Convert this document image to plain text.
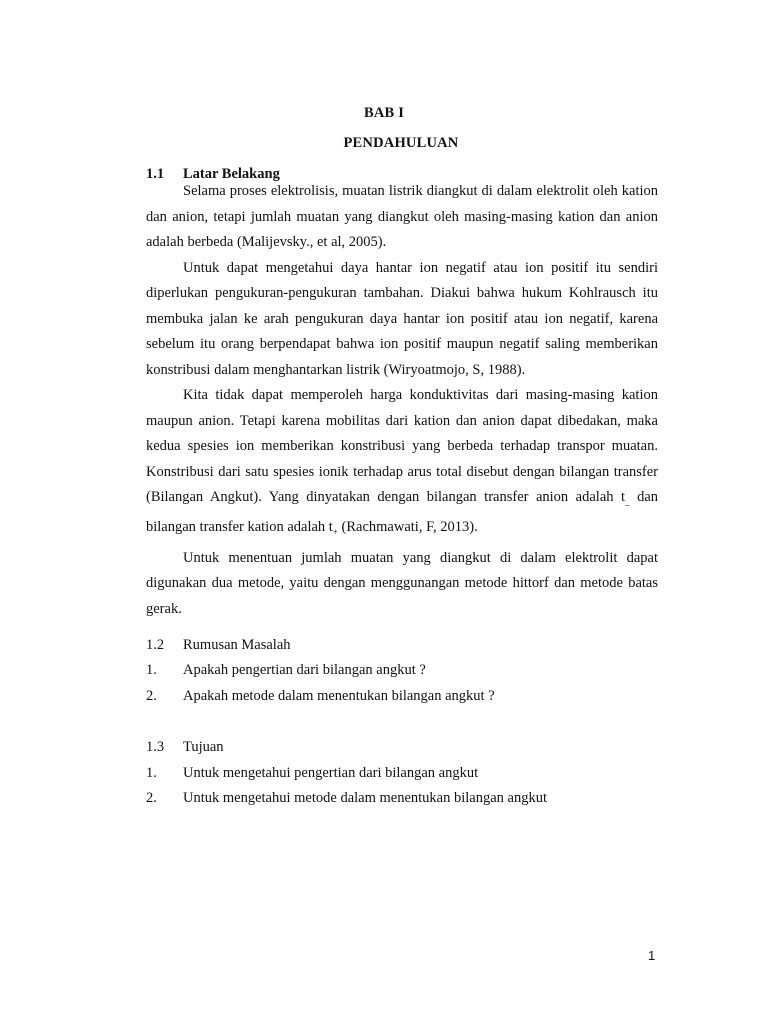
BAB I
PENDAHULUAN
1.1 Latar Belakang

Selama proses elektrolisis, muatan listrik diangkut di dalam elektrolit oleh kation dan anion, tetapi jumlah muatan yang diangkut oleh masing-masing kation dan anion adalah berbeda (Malijevsky., et al, 2005).

Untuk dapat mengetahui daya hantar ion negatif atau ion positif itu sendiri diperlukan pengukuran-pengukuran tambahan. Diakui bahwa hukum Kohlrausch itu membuka jalan ke arah pengukuran daya hantar ion positif atau ion negatif, karena sebelum itu orang berpendapat bahwa ion positif maupun negatif saling memberikan konstribusi dalam menghantarkan listrik (Wiryoatmojo, S, 1988).

Kita tidak dapat memperoleh harga konduktivitas dari masing-masing kation maupun anion. Tetapi karena mobilitas dari kation dan anion dapat dibedakan, maka kedua spesies ion memberikan konstribusi yang berbeda terhadap transpor muatan. Konstribusi dari satu spesies ionik terhadap arus total disebut dengan bilangan transfer (Bilangan Angkut). Yang dinyatakan dengan bilangan transfer anion adalah $t_{\_}$ dan bilangan transfer kation adalah $t_+$ (Rachmawati, F, 2013).

Untuk menentuan jumlah muatan yang diangkut di dalam elektrolit dapat digunakan dua metode, yaitu dengan menggunangan metode hittorf dan metode batas gerak.

1.2 Rumusan Masalah
1. Apakah pengertian dari bilangan angkut ?
2. Apakah metode dalam menentukan bilangan angkut ?
1.3 Tujuan
1. Untuk mengetahui pengertian dari bilangan angkut
2. Untuk mengetahui metode dalam menentukan bilangan angkut
1
